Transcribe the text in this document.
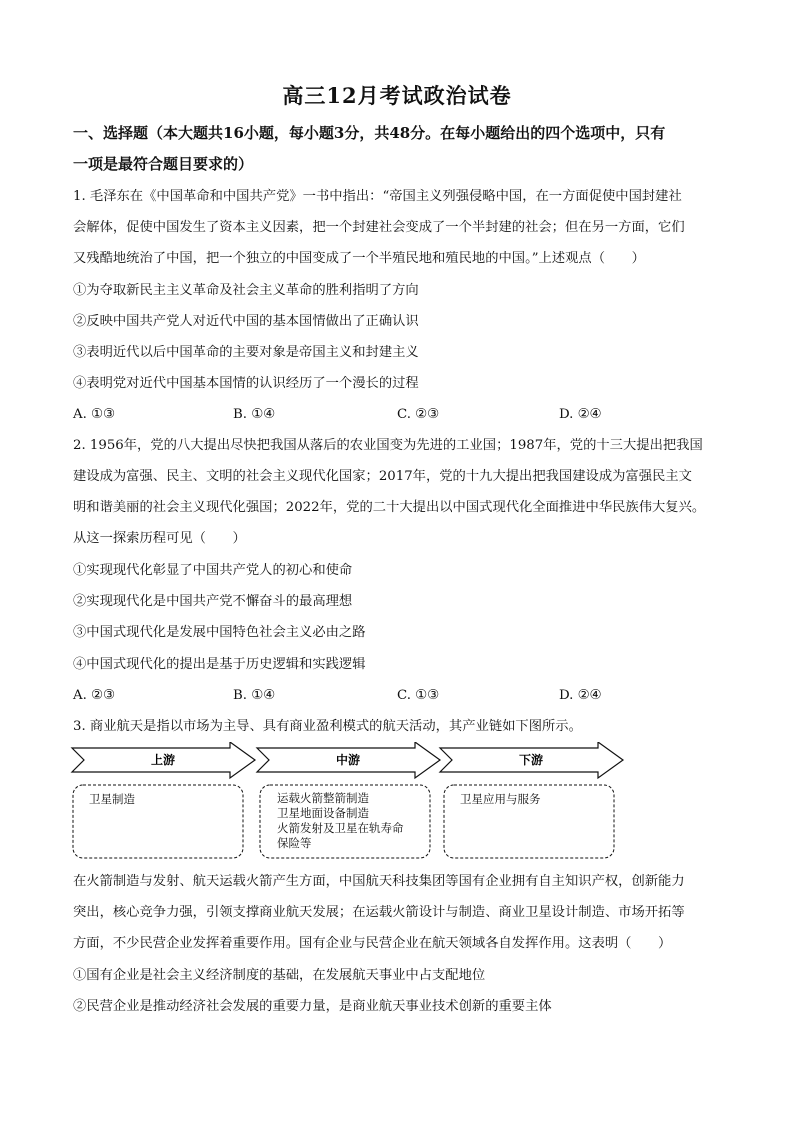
高三12月考试政治试卷
一、选择题（本大题共16小题，每小题3分，共48分。在每小题给出的四个选项中，只有
一项是最符合题目要求的）
1. 毛泽东在《中国革命和中国共产党》一书中指出：“帝国主义列强侵略中国，在一方面促使中国封建社
会解体，促使中国发生了资本主义因素，把一个封建社会变成了一个半封建的社会；但在另一方面，它们
又残酷地统治了中国，把一个独立的中国变成了一个半殖民地和殖民地的中国。”上述观点（　　）
①为夺取新民主主义革命及社会主义革命的胜利指明了方向
②反映中国共产党人对近代中国的基本国情做出了正确认识
③表明近代以后中国革命的主要对象是帝国主义和封建主义
④表明党对近代中国基本国情的认识经历了一个漫长的过程
A. ①③	B. ①④	C. ②③	D. ②④
2. 1956年，党的八大提出尽快把我国从落后的农业国变为先进的工业国；1987年，党的十三大提出把我国
建设成为富强、民主、文明的社会主义现代化国家；2017年，党的十九大提出把我国建设成为富强民主文
明和谐美丽的社会主义现代化强国；2022年，党的二十大提出以中国式现代化全面推进中华民族伟大复兴。
从这一探索历程可见（　　）
①实现现代化彰显了中国共产党人的初心和使命
②实现现代化是中国共产党不懈奋斗的最高理想
③中国式现代化是发展中国特色社会主义必由之路
④中国式现代化的提出是基于历史逻辑和实践逻辑
A. ②③	B. ①④	C. ①③	D. ②④
3. 商业航天是指以市场为主导、具有商业盈利模式的航天活动，其产业链如下图所示。
上游	中游	下游
卫星制造	运载火箭整箭制造
卫星地面设备制造
火箭发射及卫星在轨寿命
保险等
卫星应用与服务
在火箭制造与发射、航天运载火箭产生方面，中国航天科技集团等国有企业拥有自主知识产权，创新能力
突出，核心竞争力强，引领支撑商业航天发展；在运载火箭设计与制造、商业卫星设计制造、市场开拓等
方面，不少民营企业发挥着重要作用。国有企业与民营企业在航天领域各自发挥作用。这表明（　　）
①国有企业是社会主义经济制度的基础，在发展航天事业中占支配地位
②民营企业是推动经济社会发展的重要力量，是商业航天事业技术创新的重要主体
